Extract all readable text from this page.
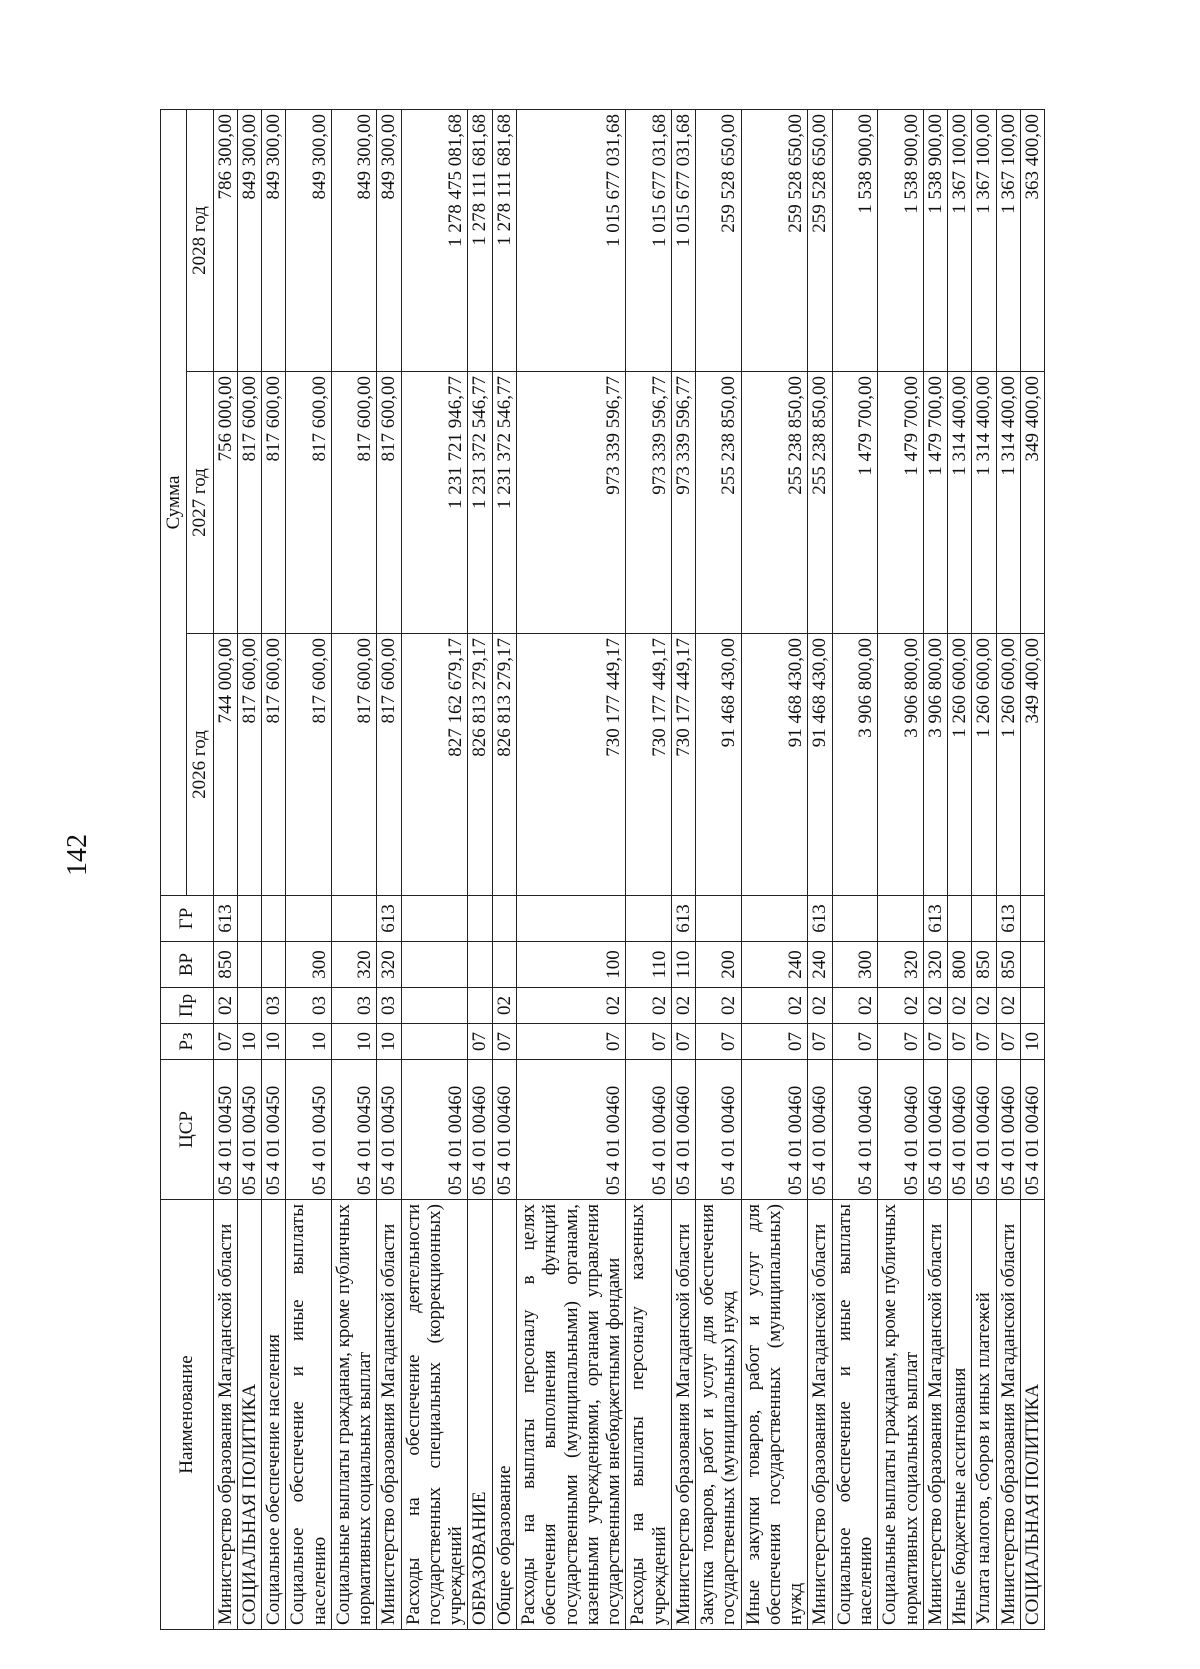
142
Наименование	ЦСР	Рз	Пр	ВР	ГР	Сумма		
						2026 год	2027 год	2028 год
Министерство образования Магаданской области	05 4 01 00450	07	02	850	613	744 000,00	756 000,00	786 300,00
СОЦИАЛЬНАЯ ПОЛИТИКА	05 4 01 00450	10				817 600,00	817 600,00	849 300,00
Социальное обеспечение населения	05 4 01 00450	10	03			817 600,00	817 600,00	849 300,00
Социальное обеспечение и иные выплаты населению	05 4 01 00450	10	03	300		817 600,00	817 600,00	849 300,00
Социальные выплаты гражданам, кроме публичных нормативных социальных выплат	05 4 01 00450	10	03	320		817 600,00	817 600,00	849 300,00
Министерство образования Магаданской области	05 4 01 00450	10	03	320	613	817 600,00	817 600,00	849 300,00
Расходы на обеспечение деятельности государственных специальных (коррекционных) учреждений	05 4 01 00460					827 162 679,17	1 231 721 946,77	1 278 475 081,68
ОБРАЗОВАНИЕ	05 4 01 00460	07				826 813 279,17	1 231 372 546,77	1 278 111 681,68
Общее образование	05 4 01 00460	07	02			826 813 279,17	1 231 372 546,77	1 278 111 681,68
Расходы на выплаты персоналу в целях обеспечения выполнения функций государственными (муниципальными) органами, казенными учреждениями, органами управления государственными внебюджетными фондами	05 4 01 00460	07	02	100		730 177 449,17	973 339 596,77	1 015 677 031,68
Расходы на выплаты персоналу казенных учреждений	05 4 01 00460	07	02	110		730 177 449,17	973 339 596,77	1 015 677 031,68
Министерство образования Магаданской области	05 4 01 00460	07	02	110	613	730 177 449,17	973 339 596,77	1 015 677 031,68
Закупка товаров, работ и услуг для обеспечения государственных (муниципальных) нужд	05 4 01 00460	07	02	200		91 468 430,00	255 238 850,00	259 528 650,00
Иные закупки товаров, работ и услуг для обеспечения государственных (муниципальных) нужд	05 4 01 00460	07	02	240		91 468 430,00	255 238 850,00	259 528 650,00
Министерство образования Магаданской области	05 4 01 00460	07	02	240	613	91 468 430,00	255 238 850,00	259 528 650,00
Социальное обеспечение и иные выплаты населению	05 4 01 00460	07	02	300		3 906 800,00	1 479 700,00	1 538 900,00
Социальные выплаты гражданам, кроме публичных нормативных социальных выплат	05 4 01 00460	07	02	320		3 906 800,00	1 479 700,00	1 538 900,00
Министерство образования Магаданской области	05 4 01 00460	07	02	320	613	3 906 800,00	1 479 700,00	1 538 900,00
Иные бюджетные ассигнования	05 4 01 00460	07	02	800		1 260 600,00	1 314 400,00	1 367 100,00
Уплата налогов, сборов и иных платежей	05 4 01 00460	07	02	850		1 260 600,00	1 314 400,00	1 367 100,00
Министерство образования Магаданской области	05 4 01 00460	07	02	850	613	1 260 600,00	1 314 400,00	1 367 100,00
СОЦИАЛЬНАЯ ПОЛИТИКА	05 4 01 00460	10				349 400,00	349 400,00	363 400,00
